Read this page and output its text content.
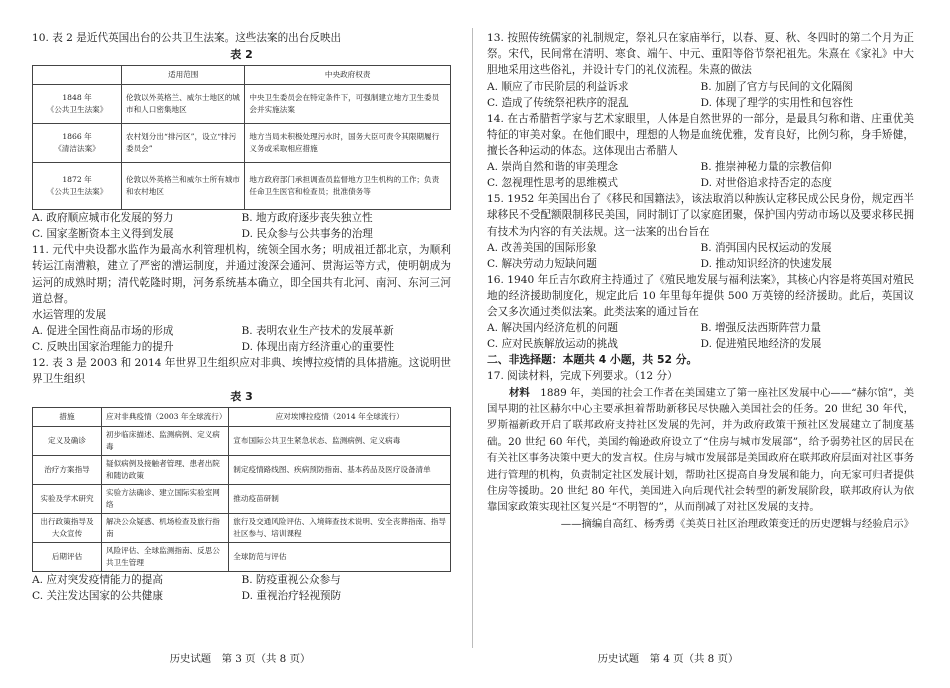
10. 表 2 是近代英国出台的公共卫生法案。这些法案的出台反映出

表 2
	适用范围	中央政府权责
1848 年
《公共卫生法案》	伦敦以外英格兰、威尔士地区的城市和人口密集地区	中央卫生委员会在特定条件下，可强制建立地方卫生委员会并实施法案
1866 年
《清洁法案》	农村划分出“排污区”，设立“排污委员会”	地方当局未积极处理污水时，国务大臣可责令其限期履行义务或采取相应措施
1872 年
《公共卫生法案》	伦敦以外英格兰和威尔士所有城市和农村地区	地方政府部门承担调查员监督地方卫生机构的工作；负责任命卫生医官和检查员；批准债务等
A. 政府顺应城市化发展的努力	B. 地方政府逐步丧失独立性
C. 国家垄断资本主义得到发展	D. 民众参与公共事务的治理

11. 元代中央设都水监作为最高水利管理机构，统领全国水务；明成祖迁都北京，为顺利转运江南漕粮，建立了严密的漕运制度，并通过浚深会通河、贯海运等方式，使明朝成为运河的成熟时期；清代乾隆时期，河务系统基本确立，即全国共有北河、南河、东河三河道总督。

水运管理的发展

A. 促进全国性商品市场的形成	B. 表明农业生产技术的发展革新
C. 反映出国家治理能力的提升	D. 体现出南方经济重心的重要性

12. 表 3 是 2003 和 2014 年世界卫生组织应对非典、埃博拉疫情的具体措施。这说明世界卫生组织

表 3
措施	应对非典疫情（2003 年全球流行）	应对埃博拉疫情（2014 年全球流行）
定义及确诊	初步临床描述、监测病例、定义病毒	宣布国际公共卫生紧急状态、监测病例、定义病毒
治疗方案指导	疑似病例及接触者管理、患者出院和随访政策	制定疫情路线图、疾病预防指南、基本药品及医疗设备清单
实验及学术研究	实验方法确诊、建立国际实验室网络	推动疫苗研制
出行政策指导及大众宣传	解决公众疑惑、机场检查及旅行指南	旅行及交通风险评估、入境筛查技术说明、安全丧葬指南、指导社区参与、培训课程
后期评估	风险评估、全球监测指南、反思公共卫生管理	全球防范与评估
A. 应对突发疫情能力的提高	B. 防疫重视公众参与
C. 关注发达国家的公共健康	D. 重视治疗轻视预防

13. 按照传统儒家的礼制规定，祭礼只在家庙举行，以春、夏、秋、冬四时的第二个月为正祭。宋代，民间常在清明、寒食、端午、中元、重阳等俗节祭祀祖先。朱熹在《家礼》中大胆地采用这些俗礼，并设计专门的礼仪流程。朱熹的做法

A. 顺应了市民阶层的利益诉求	B. 加剧了官方与民间的文化隔阂
C. 造成了传统祭祀秩序的混乱	D. 体现了理学的实用性和包容性

14. 在古希腊哲学家与艺术家眼里，人体是自然世界的一部分，是最具匀称和谐、庄重优美特征的审美对象。在他们眼中，理想的人物是血统优雅，发育良好，比例匀称，身手矫健，擅长各种运动的体态。这体现出古希腊人

A. 崇尚自然和谐的审美理念	B. 推崇神秘力量的宗教信仰
C. 忽视理性思考的思维模式	D. 对世俗追求持否定的态度

15. 1952 年美国出台了《移民和国籍法》，该法取消以种族认定移民成公民身份，规定西半球移民不受配额限制移民美国，同时制订了以家庭团聚，保护国内劳动市场以及要求移民拥有技术为内容的有关法规。这一法案的出台旨在

A. 改善美国的国际形象	B. 消弭国内民权运动的发展
C. 解决劳动力短缺问题	D. 推动知识经济的快速发展

16. 1940 年丘吉尔政府主持通过了《殖民地发展与福利法案》，其核心内容是将英国对殖民地的经济援助制度化，规定此后 10 年里每年提供 500 万英镑的经济援助。此后，英国议会又多次通过类似法案。此类法案的通过旨在

A. 解决国内经济危机的问题	B. 增强反法西斯阵营力量
C. 应对民族解放运动的挑战	D. 促进殖民地经济的发展

二、非选择题：本题共 4 小题，共 52 分。

17. 阅读材料，完成下列要求。（12 分）

材料　 1889 年，美国的社会工作者在美国建立了第一座社区发展中心——“赫尔馆”，美国早期的社区赫尔中心主要承担着帮助新移民尽快融入美国社会的任务。20 世纪 30 年代，罗斯福新政开启了联邦政府支持社区发展的先河，并为政府政策干预社区发展建立了制度基础。20 世纪 60 年代，美国约翰逊政府设立了“住房与城市发展部”，给予弱势社区的居民在有关社区事务决策中更大的发言权。住房与城市发展部是美国政府在联邦政府层面对社区事务进行管理的机构，负责制定社区发展计划，帮助社区提高自身发展和能力，向无家可归者提供住房等援助。20 世纪 80 年代，美国进入向后现代社会转型的新发展阶段，联邦政府认为依靠国家政策实现社区复兴是“不明智的”，从而削减了对社区发展的支持。

——摘编自高红、杨秀勇《美英日社区治理政策变迁的历史逻辑与经验启示》

历史试题　第 3 页（共 8 页）	历史试题　第 4 页（共 8 页）
